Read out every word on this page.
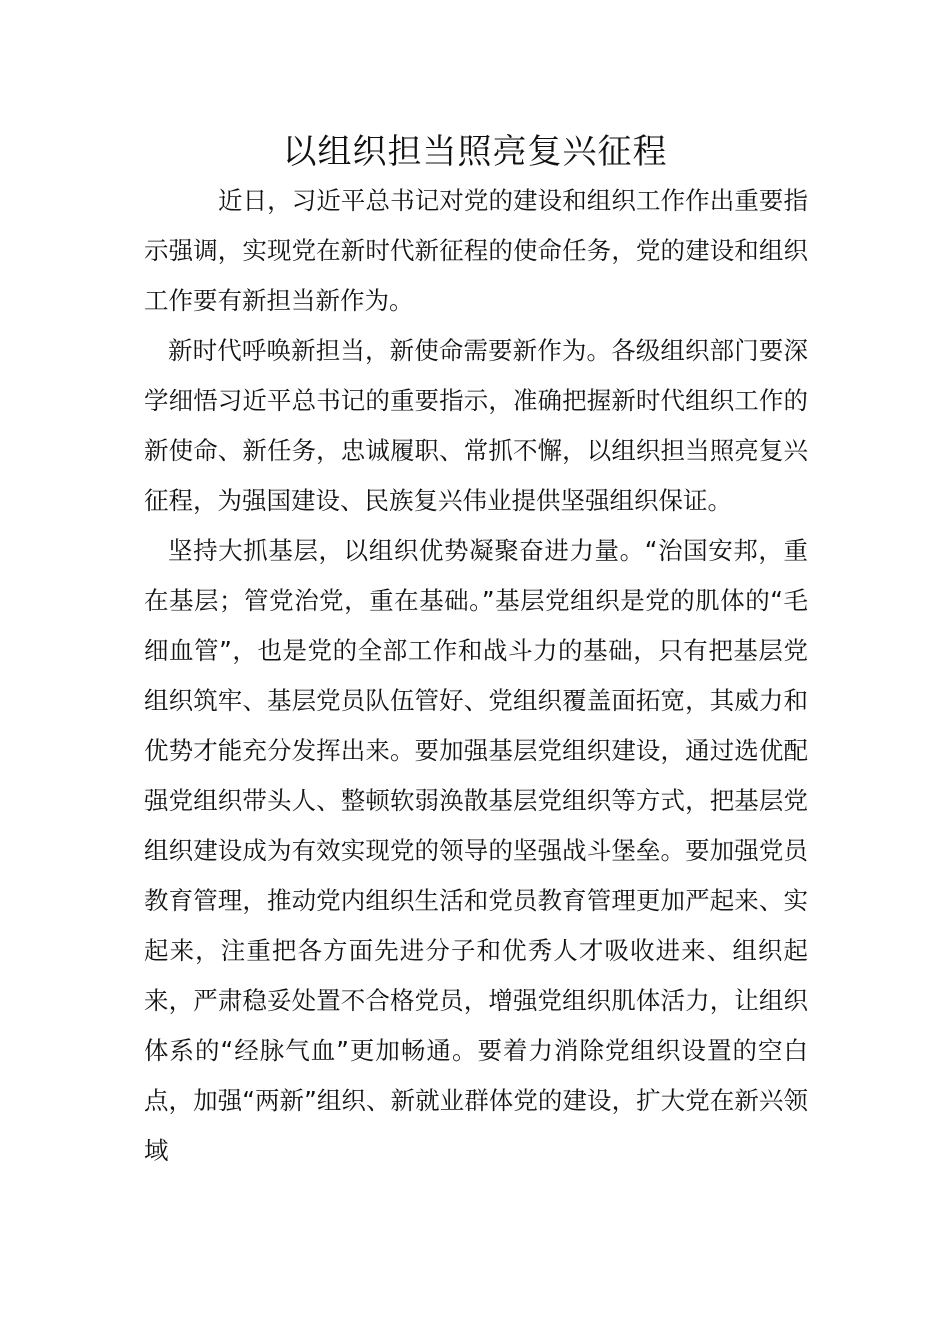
以组织担当照亮复兴征程

近日，习近平总书记对党的建设和组织工作作出重要指示强调，实现党在新时代新征程的使命任务，党的建设和组织工作要有新担当新作为。

新时代呼唤新担当，新使命需要新作为。各级组织部门要深学细悟习近平总书记的重要指示，准确把握新时代组织工作的新使命、新任务，忠诚履职、常抓不懈，以组织担当照亮复兴征程，为强国建设、民族复兴伟业提供坚强组织保证。

坚持大抓基层，以组织优势凝聚奋进力量。“治国安邦，重在基层；管党治党，重在基础。”基层党组织是党的肌体的“毛细血管”，也是党的全部工作和战斗力的基础，只有把基层党组织筑牢、基层党员队伍管好、党组织覆盖面拓宽，其威力和优势才能充分发挥出来。要加强基层党组织建设，通过选优配强党组织带头人、整顿软弱涣散基层党组织等方式，把基层党组织建设成为有效实现党的领导的坚强战斗堡垒。要加强党员教育管理，推动党内组织生活和党员教育管理更加严起来、实起来，注重把各方面先进分子和优秀人才吸收进来、组织起来，严肃稳妥处置不合格党员，增强党组织肌体活力，让组织体系的“经脉气血”更加畅通。要着力消除党组织设置的空白点，加强“两新”组织、新就业群体党的建设，扩大党在新兴领域
